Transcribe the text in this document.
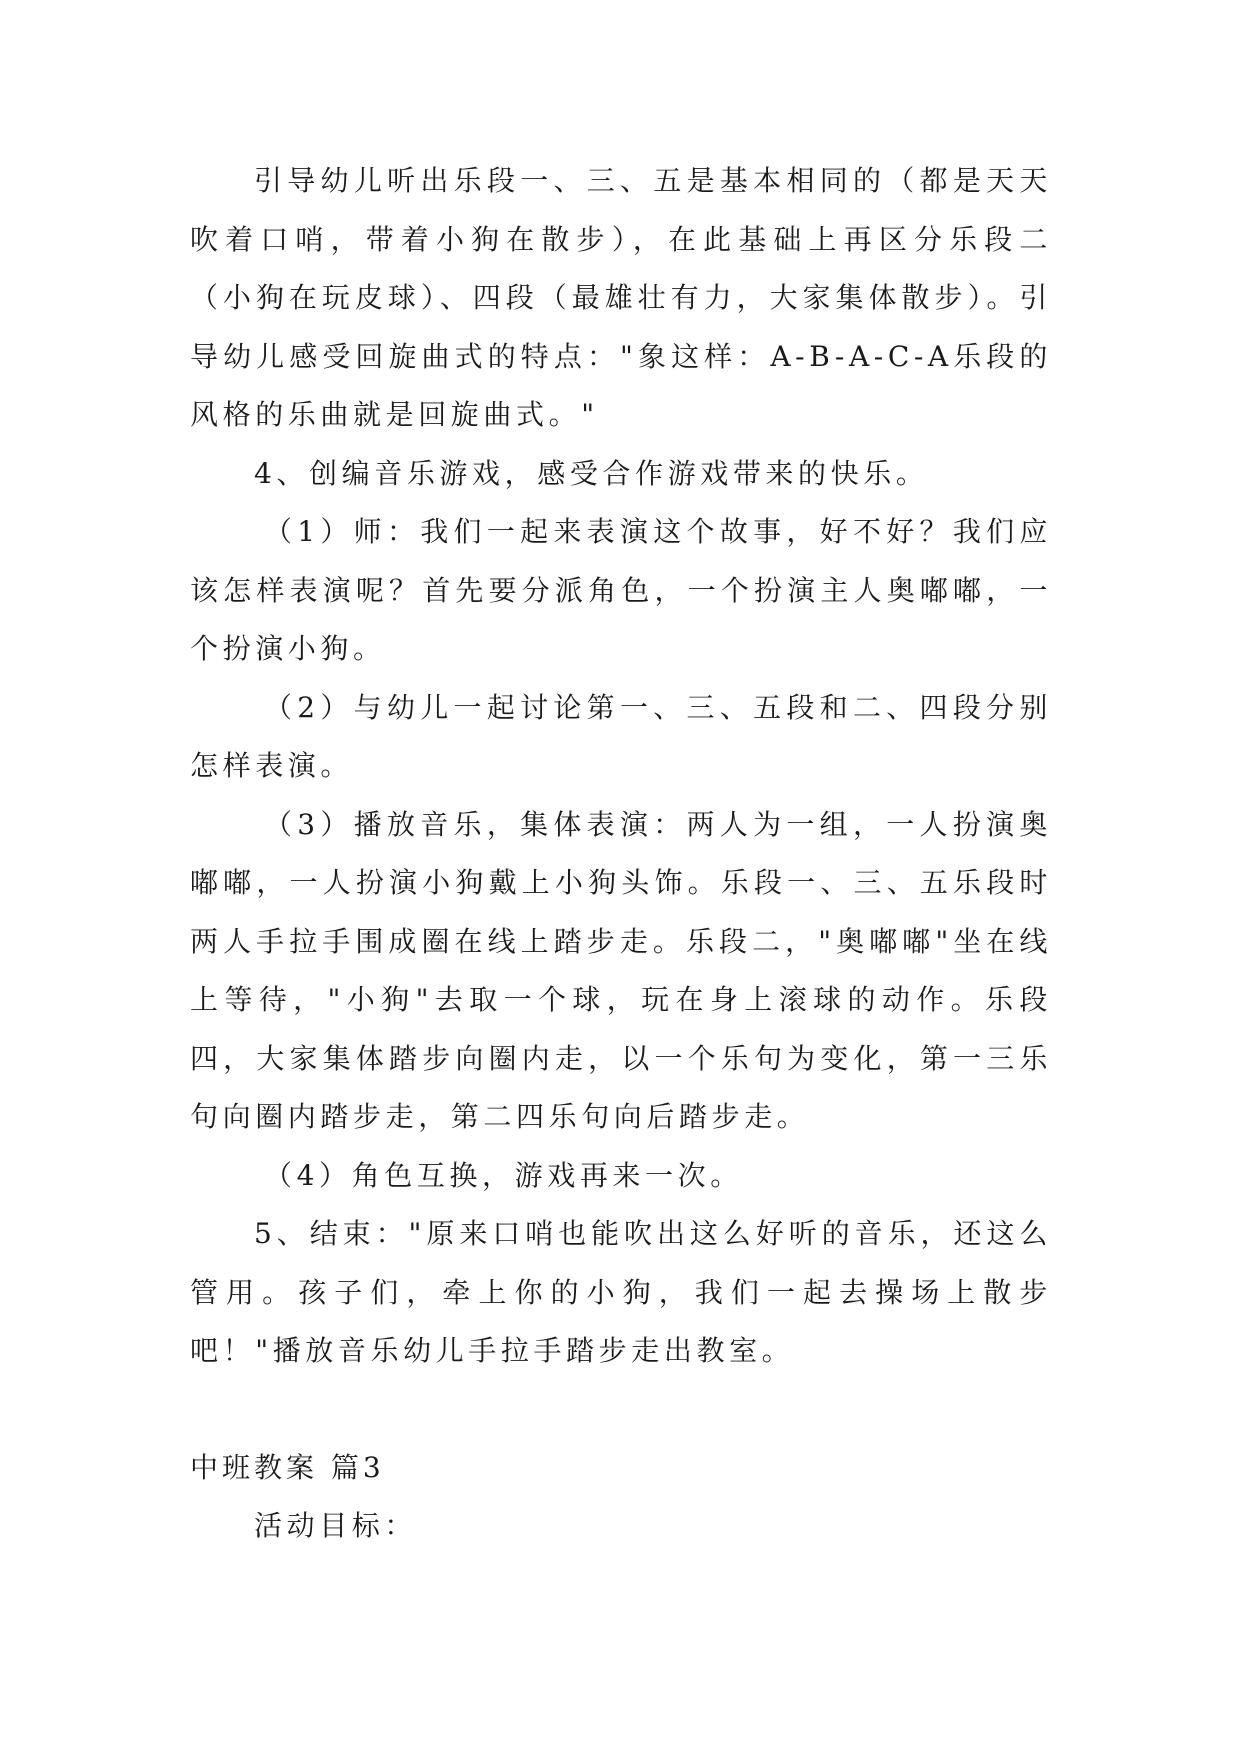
引导幼儿听出乐段一、三、五是基本相同的（都是天天吹着口哨，带着小狗在散步），在此基础上再区分乐段二（小狗在玩皮球）、四段（最雄壮有力，大家集体散步）。引导幼儿感受回旋曲式的特点："象这样：A-B-A-C-A乐段的风格的乐曲就是回旋曲式。"

4、创编音乐游戏，感受合作游戏带来的快乐。

（1）师：我们一起来表演这个故事，好不好？我们应该怎样表演呢？首先要分派角色，一个扮演主人奥嘟嘟，一个扮演小狗。

（2）与幼儿一起讨论第一、三、五段和二、四段分别怎样表演。

（3）播放音乐，集体表演：两人为一组，一人扮演奥嘟嘟，一人扮演小狗戴上小狗头饰。乐段一、三、五乐段时两人手拉手围成圈在线上踏步走。乐段二，"奥嘟嘟"坐在线上等待，"小狗"去取一个球，玩在身上滚球的动作。乐段四，大家集体踏步向圈内走，以一个乐句为变化，第一三乐句向圈内踏步走，第二四乐句向后踏步走。

（4）角色互换，游戏再来一次。

5、结束："原来口哨也能吹出这么好听的音乐，还这么管用。孩子们，牵上你的小狗，我们一起去操场上散步吧！"播放音乐幼儿手拉手踏步走出教室。

中班教案 篇3

活动目标：
